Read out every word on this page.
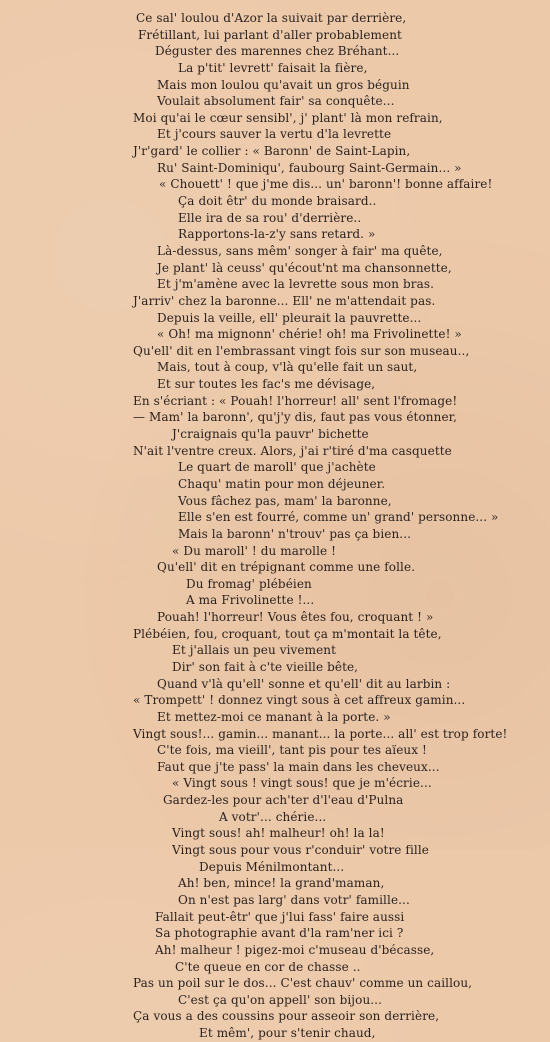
Ce sal' loulou d'Azor la suivait par derrière,
Frétillant, lui parlant d'aller probablement
Déguster des marennes chez Bréhant...
La p'tit' levrett' faisait la fière,
Mais mon loulou qu'avait un gros béguin
Voulait absolument fair' sa conquête...
Moi qu'ai le cœur sensibl', j' plant' là mon refrain,
Et j'cours sauver la vertu d'la levrette
J'r'gard' le collier : « Baronn' de Saint-Lapin,
Ru' Saint-Dominiqu', faubourg Saint-Germain... »
« Chouett' ! que j'me dis... un' baronn'! bonne affaire!
Ça doit êtr' du monde braisard..
Elle ira de sa rou' d'derrière..
Rapportons-la-z'y sans retard. »
Là-dessus, sans mêm' songer à fair' ma quête,
Je plant' là ceuss' qu'écout'nt ma chansonnette,
Et j'm'amène avec la levrette sous mon bras.
J'arriv' chez la baronne... Ell' ne m'attendait pas.
Depuis la veille, ell' pleurait la pauvrette...
« Oh! ma mignonn' chérie! oh! ma Frivolinette! »
Qu'ell' dit en l'embrassant vingt fois sur son museau..,
Mais, tout à coup, v'là qu'elle fait un saut,
Et sur toutes les fac's me dévisage,
En s'écriant : « Pouah! l'horreur! all' sent l'fromage!
— Mam' la baronn', qu'j'y dis, faut pas vous étonner,
J'craignais qu'la pauvr' bichette
N'ait l'ventre creux. Alors, j'ai r'tiré d'ma casquette
Le quart de maroll' que j'achète
Chaqu' matin pour mon déjeuner.
Vous fâchez pas, mam' la baronne,
Elle s'en est fourré, comme un' grand' personne... »
Mais la baronn' n'trouv' pas ça bien...
« Du maroll' ! du marolle !
Qu'ell' dit en trépignant comme une folle.
Du fromag' plébéien
A ma Frivolinette !...
Pouah! l'horreur! Vous êtes fou, croquant ! »
Plébéien, fou, croquant, tout ça m'montait la tête,
Et j'allais un peu vivement
Dir' son fait à c'te vieille bête,
Quand v'là qu'ell' sonne et qu'ell' dit au larbin :
« Trompett' ! donnez vingt sous à cet affreux gamin...
Et mettez-moi ce manant à la porte. »
Vingt sous!... gamin... manant... la porte... all' est trop forte!
C'te fois, ma vieill', tant pis pour tes aïeux !
Faut que j'te pass' la main dans les cheveux...
« Vingt sous ! vingt sous! que je m'écrie...
Gardez-les pour ach'ter d'l'eau d'Pulna
A votr'... chérie...
Vingt sous! ah! malheur! oh! la la!
Vingt sous pour vous r'conduir' votre fille
Depuis Ménilmontant...
Ah! ben, mince! la grand'maman,
On n'est pas larg' dans votr' famille...
Fallait peut-êtr' que j'lui fass' faire aussi
Sa photographie avant d'la ram'ner ici ?
Ah! malheur ! pigez-moi c'museau d'bécasse,
C'te queue en cor de chasse ..
Pas un poil sur le dos... C'est chauv' comme un caillou,
C'est ça qu'on appell' son bijou...
Ça vous a des coussins pour asseoir son derrière,
Et mêm', pour s'tenir chaud,
